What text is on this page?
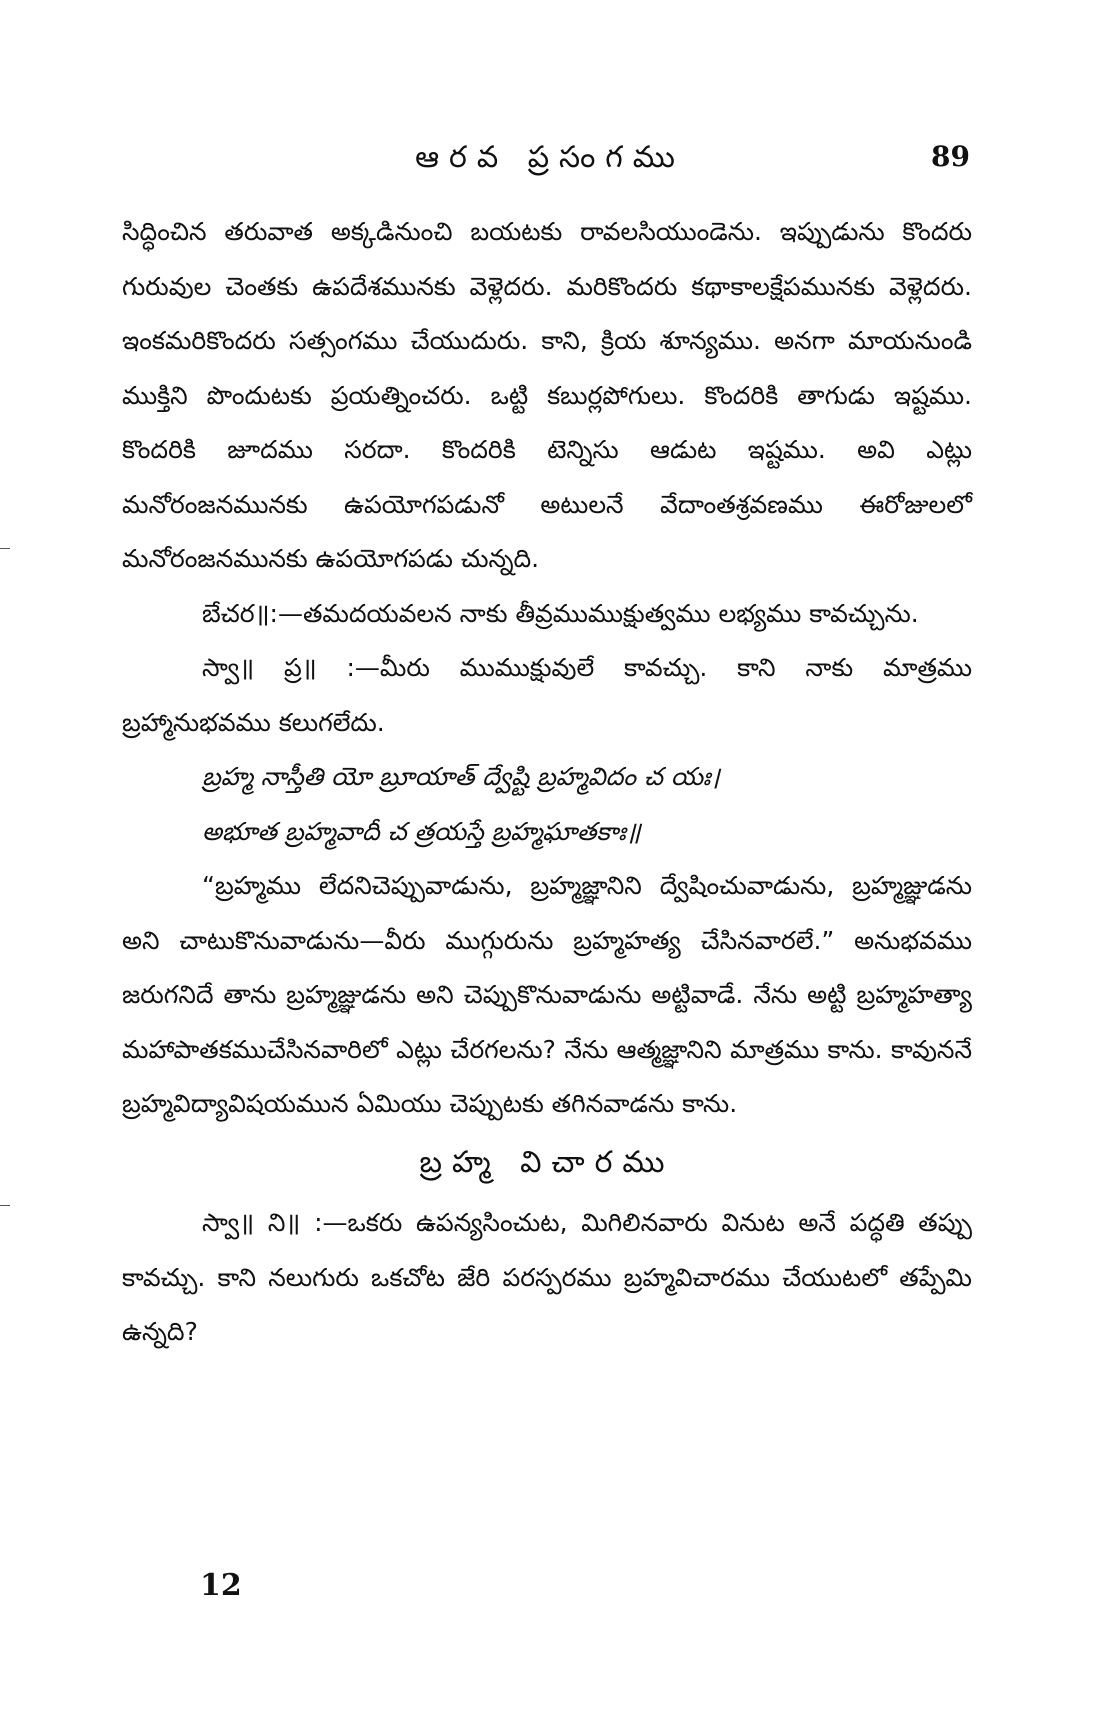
ఆరవ ప్రసంగము	89

సిద్ధించిన తరువాత అక్కడినుంచి బయటకు రావలసియుండెను. ఇప్పుడును కొందరు గురువుల చెంతకు ఉపదేశమునకు వెళ్లెదరు. మరికొందరు కథాకాలక్షేపమునకు వెళ్లెదరు. ఇంకమరికొందరు సత్సంగము చేయుదురు. కాని, క్రియ శూన్యము. అనగా మాయనుండి ముక్తిని పొందుటకు ప్రయత్నించరు. ఒట్టి కబుర్లపోగులు. కొందరికి తాగుడు ఇష్టము. కొందరికి జూదము సరదా. కొందరికి టెన్నిసు ఆడుట ఇష్టము. అవి ఎట్లు మనోరంజనమునకు ఉపయోగపడునో అటులనే వేదాంతశ్రవణము ఈరోజులలో మనోరంజనమునకు ఉపయోగపడు చున్నది.

బేచర॥:—తమదయవలన నాకు తీవ్రముముక్షుత్వము లభ్యము కావచ్చును.

స్వా॥ ప్ర॥ :—మీరు ముముక్షువులే కావచ్చు. కాని నాకు మాత్రము బ్రహ్మానుభవము కలుగలేదు.

బ్రహ్మ నాస్తీతి యో బ్రూయాత్ ద్వేష్టి బ్రహ్మవిదం చ యః।

అభూత బ్రహ్మవాదీ చ త్రయస్తే బ్రహ్మఘాతకాః॥

“బ్రహ్మము లేదనిచెప్పువాడును, బ్రహ్మజ్ఞానిని ద్వేషించువాడును, బ్రహ్మజ్ఞుడను అని చాటుకొనువాడును—వీరు ముగ్గురును బ్రహ్మహత్య చేసినవారలే.” అనుభవము జరుగనిదే తాను బ్రహ్మజ్ఞుడను అని చెప్పుకొనువాడును అట్టివాడే. నేను అట్టి బ్రహ్మహత్యా మహాపాతకముచేసినవారిలో ఎట్లు చేరగలను? నేను ఆత్మజ్ఞానిని మాత్రము కాను. కావుననే బ్రహ్మవిద్యావిషయమున ఏమియు చెప్పుటకు తగినవాడను కాను.

బ్రహ్మ విచారము

స్వా॥ ని॥ :—ఒకరు ఉపన్యసించుట, మిగిలినవారు వినుట అనే పద్ధతి తప్పు కావచ్చు. కాని నలుగురు ఒకచోట జేరి పరస్పరము బ్రహ్మవిచారము చేయుటలో తప్పేమి ఉన్నది?

12
